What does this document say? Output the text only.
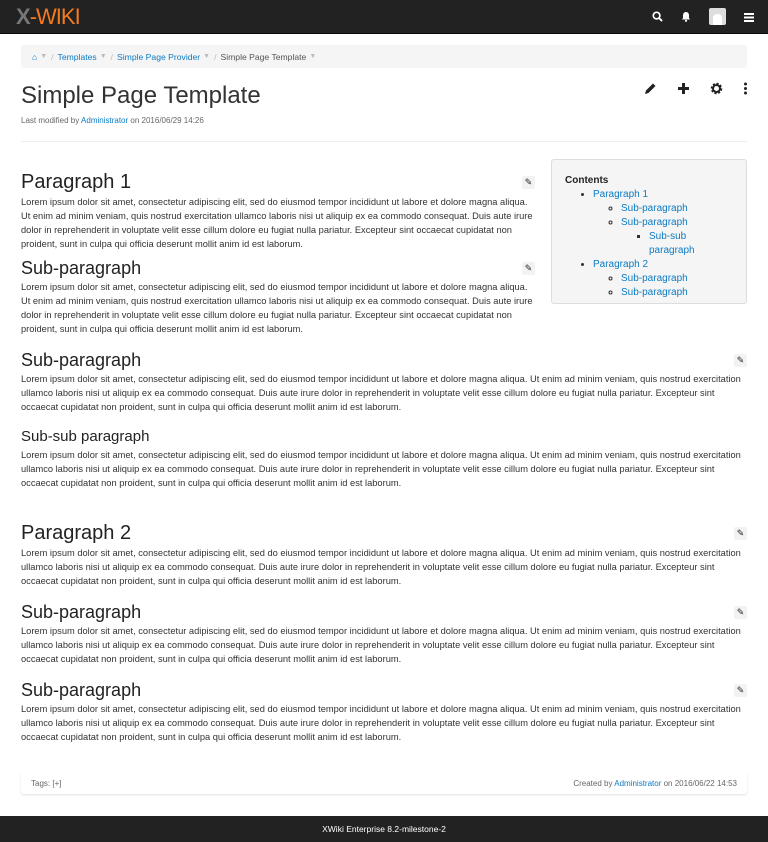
X -WIKI
⌂ ▼ / Templates ▼ / Simple Page Provider ▼ / Simple Page Template ▼
Simple Page Template
Last modified by Administrator on 2016/06/29 14:26
Contents
• Paragraph 1
◦ Sub-paragraph
◦ Sub-paragraph
▪ Sub-sub paragraph
• Paragraph 2
◦ Sub-paragraph
◦ Sub-paragraph
Paragraph 1	✎

Lorem ipsum dolor sit amet, consectetur adipiscing elit, sed do eiusmod tempor incididunt ut labore et dolore magna aliqua. Ut enim ad minim veniam, quis nostrud exercitation ullamco laboris nisi ut aliquip ex ea commodo consequat. Duis aute irure dolor in reprehenderit in voluptate velit esse cillum dolore eu fugiat nulla pariatur. Excepteur sint occaecat cupidatat non proident, sunt in culpa qui officia deserunt mollit anim id est laborum.

Sub-paragraph	✎

Lorem ipsum dolor sit amet, consectetur adipiscing elit, sed do eiusmod tempor incididunt ut labore et dolore magna aliqua. Ut enim ad minim veniam, quis nostrud exercitation ullamco laboris nisi ut aliquip ex ea commodo consequat. Duis aute irure dolor in reprehenderit in voluptate velit esse cillum dolore eu fugiat nulla pariatur. Excepteur sint occaecat cupidatat non proident, sunt in culpa qui officia deserunt mollit anim id est laborum.

Sub-paragraph	✎

Lorem ipsum dolor sit amet, consectetur adipiscing elit, sed do eiusmod tempor incididunt ut labore et dolore magna aliqua. Ut enim ad minim veniam, quis nostrud exercitation ullamco laboris nisi ut aliquip ex ea commodo consequat. Duis aute irure dolor in reprehenderit in voluptate velit esse cillum dolore eu fugiat nulla pariatur. Excepteur sint occaecat cupidatat non proident, sunt in culpa qui officia deserunt mollit anim id est laborum.

Sub-sub paragraph

Lorem ipsum dolor sit amet, consectetur adipiscing elit, sed do eiusmod tempor incididunt ut labore et dolore magna aliqua. Ut enim ad minim veniam, quis nostrud exercitation ullamco laboris nisi ut aliquip ex ea commodo consequat. Duis aute irure dolor in reprehenderit in voluptate velit esse cillum dolore eu fugiat nulla pariatur. Excepteur sint occaecat cupidatat non proident, sunt in culpa qui officia deserunt mollit anim id est laborum.

Paragraph 2	✎

Lorem ipsum dolor sit amet, consectetur adipiscing elit, sed do eiusmod tempor incididunt ut labore et dolore magna aliqua. Ut enim ad minim veniam, quis nostrud exercitation ullamco laboris nisi ut aliquip ex ea commodo consequat. Duis aute irure dolor in reprehenderit in voluptate velit esse cillum dolore eu fugiat nulla pariatur. Excepteur sint occaecat cupidatat non proident, sunt in culpa qui officia deserunt mollit anim id est laborum.

Sub-paragraph	✎

Lorem ipsum dolor sit amet, consectetur adipiscing elit, sed do eiusmod tempor incididunt ut labore et dolore magna aliqua. Ut enim ad minim veniam, quis nostrud exercitation ullamco laboris nisi ut aliquip ex ea commodo consequat. Duis aute irure dolor in reprehenderit in voluptate velit esse cillum dolore eu fugiat nulla pariatur. Excepteur sint occaecat cupidatat non proident, sunt in culpa qui officia deserunt mollit anim id est laborum.

Sub-paragraph	✎

Lorem ipsum dolor sit amet, consectetur adipiscing elit, sed do eiusmod tempor incididunt ut labore et dolore magna aliqua. Ut enim ad minim veniam, quis nostrud exercitation ullamco laboris nisi ut aliquip ex ea commodo consequat. Duis aute irure dolor in reprehenderit in voluptate velit esse cillum dolore eu fugiat nulla pariatur. Excepteur sint occaecat cupidatat non proident, sunt in culpa qui officia deserunt mollit anim id est laborum.

Tags: [+]	Created by Administrator on 2016/06/22 14:53
XWiki Enterprise 8.2-milestone-2
